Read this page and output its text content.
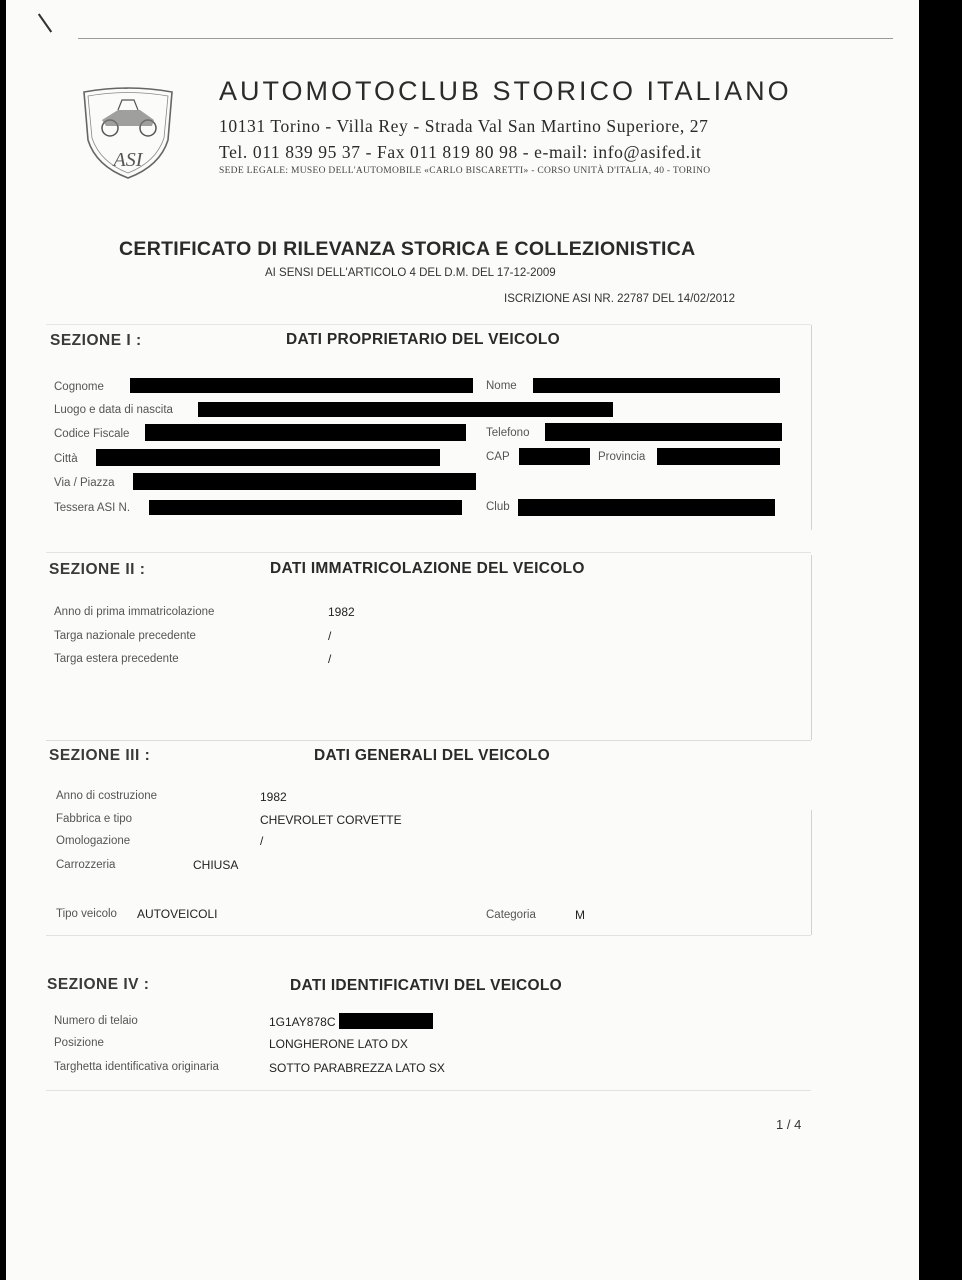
ASI
AUTOMOTOCLUB STORICO ITALIANO
10131 Torino - Villa Rey - Strada Val San Martino Superiore, 27
Tel. 011 839 95 37 - Fax 011 819 80 98 - e-mail: info@asifed.it
SEDE LEGALE: MUSEO DELL'AUTOMOBILE «CARLO BISCARETTI» - CORSO UNITÀ D'ITALIA, 40 - TORINO
CERTIFICATO DI RILEVANZA STORICA E COLLEZIONISTICA
AI SENSI DELL'ARTICOLO 4 DEL D.M. DEL 17-12-2009
ISCRIZIONE ASI NR. 22787 DEL 14/02/2012
SEZIONE I :	DATI PROPRIETARIO DEL VEICOLO
Cognome	Nome
Luogo e data di nascita
Codice Fiscale	Telefono
Città	CAP	Provincia
Via / Piazza
Tessera ASI N.	Club
SEZIONE II :	DATI IMMATRICOLAZIONE DEL VEICOLO
Anno di prima immatricolazione	1982
Targa nazionale precedente	/
Targa estera precedente	/
SEZIONE III :	DATI GENERALI DEL VEICOLO
Anno di costruzione	1982
Fabbrica e tipo	CHEVROLET CORVETTE
Omologazione	/
Carrozzeria	CHIUSA
Tipo veicolo AUTOVEICOLI	Categoria	M
SEZIONE IV :	DATI IDENTIFICATIVI DEL VEICOLO
Numero di telaio	1G1AY878C
Posizione	LONGHERONE LATO DX
Targhetta identificativa originaria	SOTTO PARABREZZA LATO SX
1 / 4
